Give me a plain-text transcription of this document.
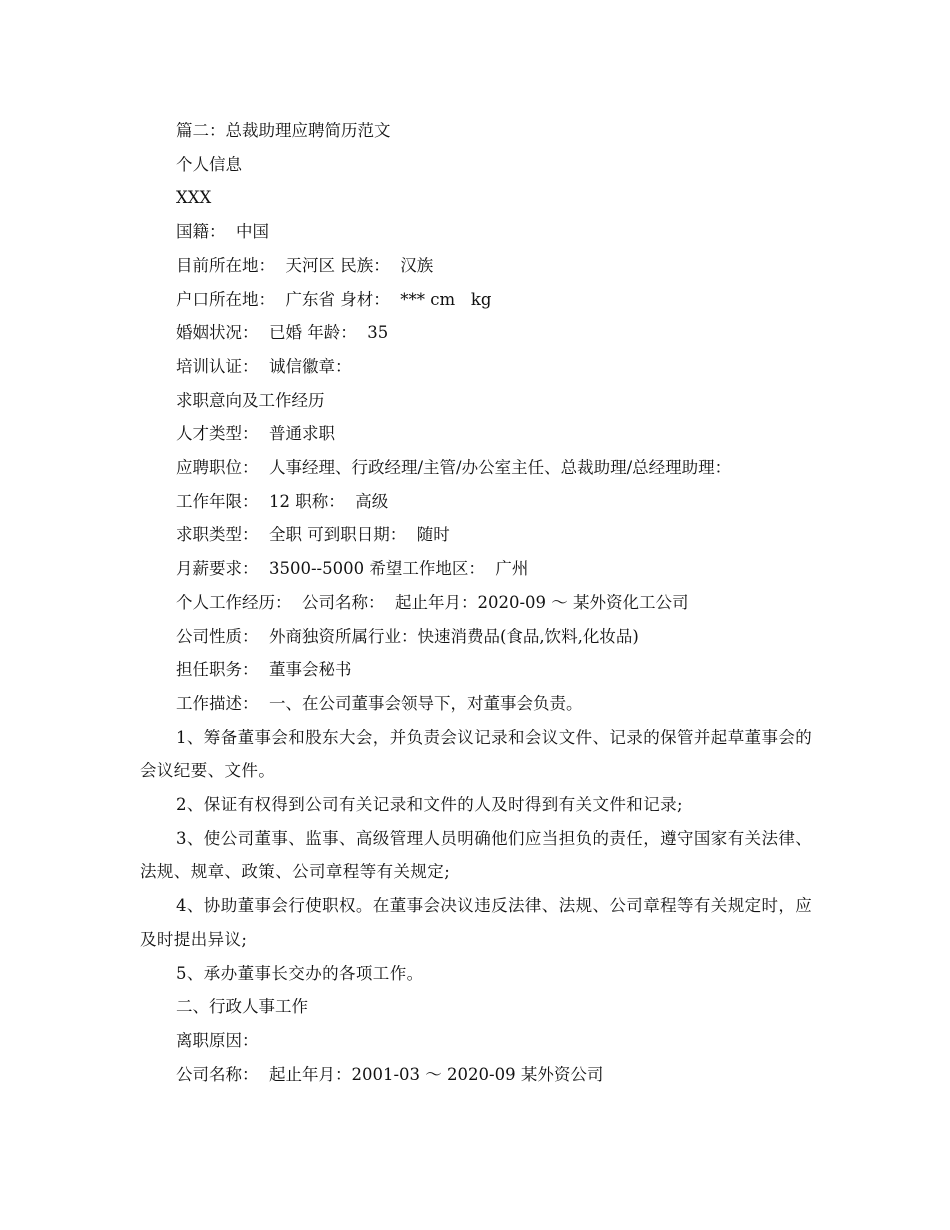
篇二：总裁助理应聘简历范文
个人信息
XXX
国籍：  中国
目前所在地：  天河区 民族：  汉族
户口所在地：  广东省 身材：  *** cm   kg
婚姻状况：  已婚 年龄：  35
培训认证：  诚信徽章：
求职意向及工作经历
人才类型：  普通求职
应聘职位：  人事经理、行政经理/主管/办公室主任、总裁助理/总经理助理：
工作年限：  12 职称：  高级
求职类型：  全职 可到职日期：  随时
月薪要求：  3500--5000 希望工作地区：  广州
个人工作经历：  公司名称：  起止年月：2020-09 ～ 某外资化工公司
公司性质：  外商独资所属行业：快速消费品(食品,饮料,化妆品)
担任职务：  董事会秘书
工作描述：  一、在公司董事会领导下，对董事会负责。

1、筹备董事会和股东大会，并负责会议记录和会议文件、记录的保管并起草董事会的会议纪要、文件。

2、保证有权得到公司有关记录和文件的人及时得到有关文件和记录;

3、使公司董事、监事、高级管理人员明确他们应当担负的责任，遵守国家有关法律、法规、规章、政策、公司章程等有关规定;

4、协助董事会行使职权。在董事会决议违反法律、法规、公司章程等有关规定时，应及时提出异议;

5、承办董事长交办的各项工作。

二、行政人事工作
离职原因：
公司名称：  起止年月：2001-03 ～ 2020-09 某外资公司
